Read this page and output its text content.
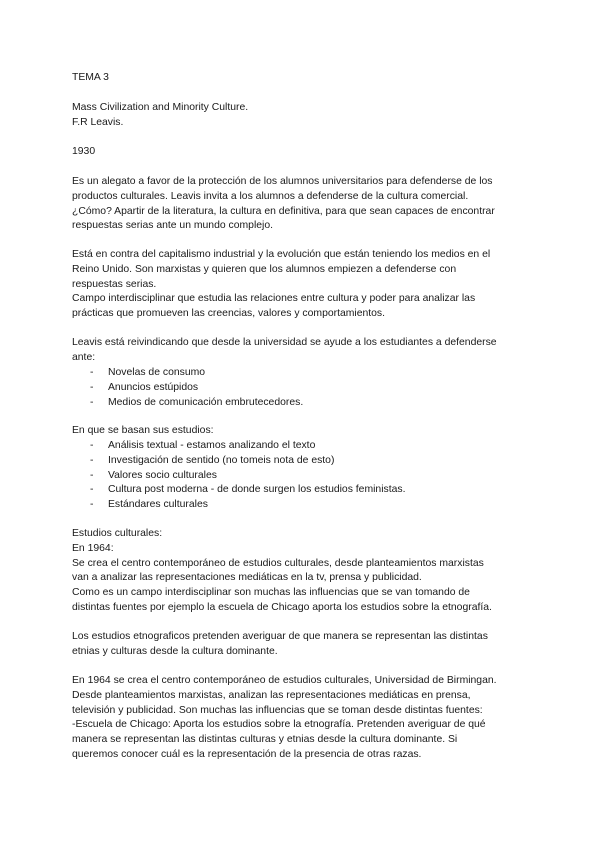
TEMA 3
Mass Civilization and Minority Culture.
F.R Leavis.
1930
Es un alegato a favor de la protección de los alumnos universitarios para defenderse de los
productos culturales. Leavis invita a los alumnos a defenderse de la cultura comercial.
¿Cómo? Apartir de la literatura, la cultura en definitiva, para que sean capaces de encontrar
respuestas serias ante un mundo complejo.
Está en contra del capitalismo industrial y la evolución que están teniendo los medios en el
Reino Unido. Son marxistas y quieren que los alumnos empiezen a defenderse con
respuestas serias.
Campo interdisciplinar que estudia las relaciones entre cultura y poder para analizar las
prácticas que promueven las creencias, valores y comportamientos.
Leavis está reivindicando que desde la universidad se ayude a los estudiantes a defenderse
ante:
- Novelas de consumo
- Anuncios estúpidos
- Medios de comunicación embrutecedores.
En que se basan sus estudios:
- Análisis textual - estamos analizando el texto
- Investigación de sentido (no tomeis nota de esto)
- Valores socio culturales
- Cultura post moderna - de donde surgen los estudios feministas.
- Estándares culturales
Estudios culturales:
En 1964:
Se crea el centro contemporáneo de estudios culturales, desde planteamientos marxistas
van a analizar las representaciones mediáticas en la tv, prensa y publicidad.
Como es un campo interdisciplinar son muchas las influencias que se van tomando de
distintas fuentes por ejemplo la escuela de Chicago aporta los estudios sobre la etnografía.
Los estudios etnograficos pretenden averiguar de que manera se representan las distintas
etnias y culturas desde la cultura dominante.
En 1964 se crea el centro contemporáneo de estudios culturales, Universidad de Birmingan.
Desde planteamientos marxistas, analizan las representaciones mediáticas en prensa,
televisión y publicidad. Son muchas las influencias que se toman desde distintas fuentes:
-Escuela de Chicago: Aporta los estudios sobre la etnografía. Pretenden averiguar de qué
manera se representan las distintas culturas y etnias desde la cultura dominante. Si
queremos conocer cuál es la representación de la presencia de otras razas.
